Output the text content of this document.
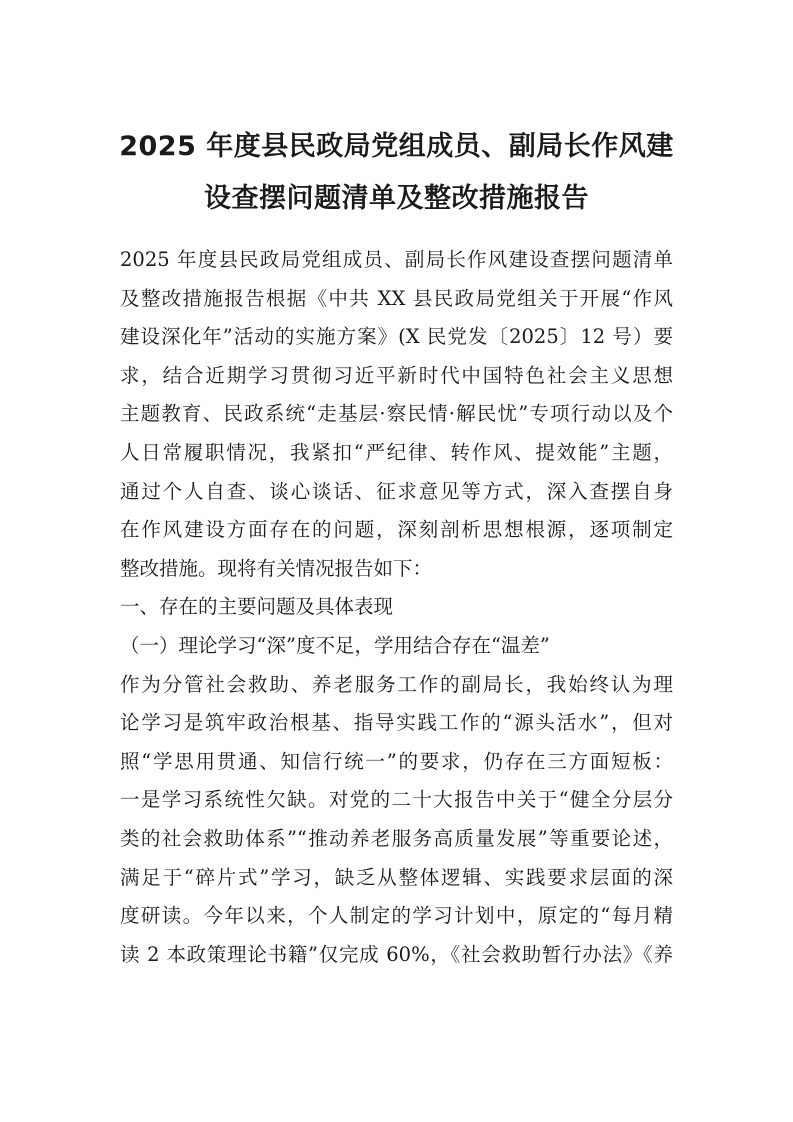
2025 年度县民政局党组成员、副局长作风建
设查摆问题清单及整改措施报告
2025 年度县民政局党组成员、副局长作风建设查摆问题清单
及整改措施报告根据《中共 XX 县民政局党组关于开展“作风
建设深化年”活动的实施方案》(X 民党发〔2025〕12 号）要
求，结合近期学习贯彻习近平新时代中国特色社会主义思想
主题教育、民政系统“走基层·察民情·解民忧”专项行动以及个
人日常履职情况，我紧扣“严纪律、转作风、提效能”主题，
通过个人自查、谈心谈话、征求意见等方式，深入查摆自身
在作风建设方面存在的问题，深刻剖析思想根源，逐项制定
整改措施。现将有关情况报告如下：
一、存在的主要问题及具体表现
（一）理论学习“深”度不足，学用结合存在“温差”
作为分管社会救助、养老服务工作的副局长，我始终认为理
论学习是筑牢政治根基、指导实践工作的“源头活水”，但对
照“学思用贯通、知信行统一”的要求，仍存在三方面短板：
一是学习系统性欠缺。对党的二十大报告中关于“健全分层分
类的社会救助体系”“推动养老服务高质量发展”等重要论述，
满足于“碎片式”学习，缺乏从整体逻辑、实践要求层面的深
度研读。今年以来，个人制定的学习计划中，原定的“每月精
读 2 本政策理论书籍”仅完成 60%，《社会救助暂行办法》《养
